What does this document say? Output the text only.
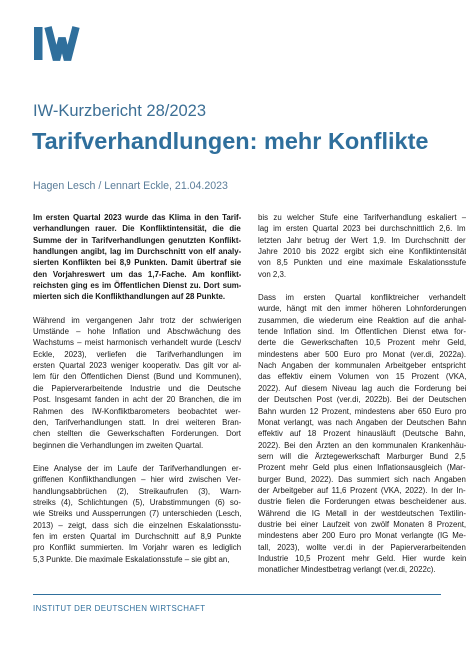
IW-Kurzbericht 28/2023
Tarifverhandlungen: mehr Konflikte
Hagen Lesch / Lennart Eckle, 21.04.2023
Im ersten Quartal 2023 wurde das Klima in den Tarif-
verhandlungen rauer. Die Konfliktintensität, die die
Summe der in Tarifverhandlungen genutzten Konflikt-
handlungen angibt, lag im Durchschnitt von elf analy-
sierten Konflikten bei 8,9 Punkten. Damit übertraf sie
den Vorjahreswert um das 1,7-Fache. Am konflikt-
reichsten ging es im Öffentlichen Dienst zu. Dort sum-
mierten sich die Konflikthandlungen auf 28 Punkte.
Während im vergangenen Jahr trotz der schwierigen
Umstände – hohe Inflation und Abschwächung des
Wachstums – meist harmonisch verhandelt wurde (Lesch/
Eckle, 2023), verliefen die Tarifverhandlungen im
ersten Quartal 2023 weniger kooperativ. Das gilt vor al-
lem für den Öffentlichen Dienst (Bund und Kommunen),
die Papierverarbeitende Industrie und die Deutsche
Post. Insgesamt fanden in acht der 20 Branchen, die im
Rahmen des IW-Konfliktbarometers beobachtet wer-
den, Tarifverhandlungen statt. In drei weiteren Bran-
chen stellten die Gewerkschaften Forderungen. Dort
beginnen die Verhandlungen im zweiten Quartal.
Eine Analyse der im Laufe der Tarifverhandlungen er-
griffenen Konflikthandlungen – hier wird zwischen Ver-
handlungsabbrüchen (2), Streikaufrufen (3), Warn-
streiks (4), Schlichtungen (5), Urabstimmungen (6) so-
wie Streiks und Aussperrungen (7) unterschieden (Lesch,
2013) – zeigt, dass sich die einzelnen Eskalationsstu-
fen im ersten Quartal im Durchschnitt auf 8,9 Punkte
pro Konflikt summierten. Im Vorjahr waren es lediglich
5,3 Punkte. Die maximale Eskalationsstufe – sie gibt an,
bis zu welcher Stufe eine Tarifverhandlung eskaliert –
lag im ersten Quartal 2023 bei durchschnittlich 2,6. Im
letzten Jahr betrug der Wert 1,9. Im Durchschnitt der
Jahre 2010 bis 2022 ergibt sich eine Konfliktintensität
von 8,5 Punkten und eine maximale Eskalationsstufe
von 2,3.
Dass im ersten Quartal konfliktreicher verhandelt
wurde, hängt mit den immer höheren Lohnforderungen
zusammen, die wiederum eine Reaktion auf die anhal-
tende Inflation sind. Im Öffentlichen Dienst etwa for-
derte die Gewerkschaften 10,5 Prozent mehr Geld,
mindestens aber 500 Euro pro Monat (ver.di, 2022a).
Nach Angaben der kommunalen Arbeitgeber entspricht
das effektiv einem Volumen von 15 Prozent (VKA,
2022). Auf diesem Niveau lag auch die Forderung bei
der Deutschen Post (ver.di, 2022b). Bei der Deutschen
Bahn wurden 12 Prozent, mindestens aber 650 Euro pro
Monat verlangt, was nach Angaben der Deutschen Bahn
effektiv auf 18 Prozent hinausläuft (Deutsche Bahn,
2022). Bei den Ärzten an den kommunalen Krankenhäu-
sern will die Ärztegewerkschaft Marburger Bund 2,5
Prozent mehr Geld plus einen Inflationsausgleich (Mar-
burger Bund, 2022). Das summiert sich nach Angaben
der Arbeitgeber auf 11,6 Prozent (VKA, 2022). In der In-
dustrie fielen die Forderungen etwas bescheidener aus.
Während die IG Metall in der westdeutschen Textilin-
dustrie bei einer Laufzeit von zwölf Monaten 8 Prozent,
mindestens aber 200 Euro pro Monat verlangte (IG Me-
tall, 2023), wollte ver.di in der Papierverarbeitenden
Industrie 10,5 Prozent mehr Geld. Hier wurde kein
monatlicher Mindestbetrag verlangt (ver.di, 2022c).
INSTITUT DER DEUTSCHEN WIRTSCHAFT
